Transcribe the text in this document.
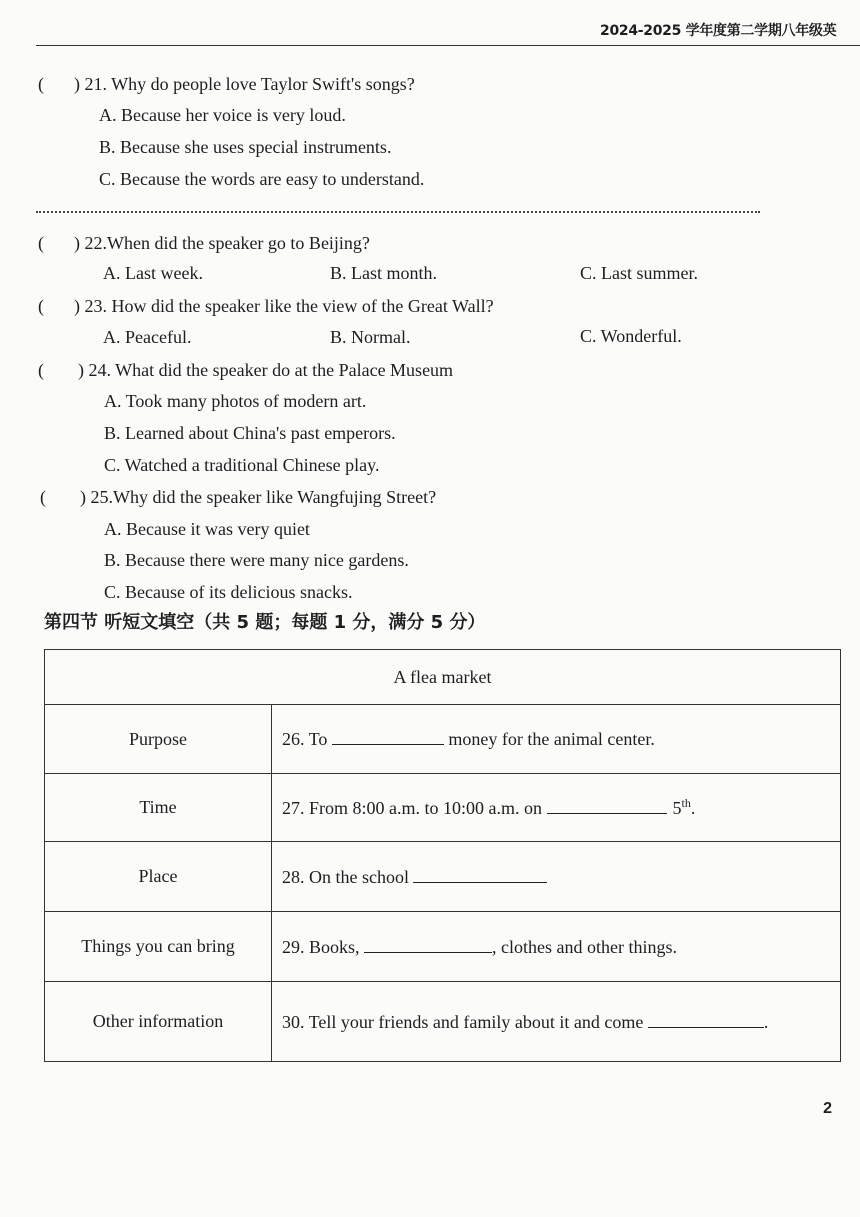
2024-2025 学年度第二学期八年级英
( ) 21. Why do people love Taylor Swift's songs?
A. Because her voice is very loud.
B. Because she uses special instruments.
C. Because the words are easy to understand.
( ) 22.When did the speaker go to Beijing?
A. Last week.	B. Last month.	C. Last summer.
( ) 23. How did the speaker like the view of the Great Wall?
A. Peaceful.	B. Normal.	C. Wonderful.
( ) 24. What did the speaker do at the Palace Museum
A. Took many photos of modern art.
B. Learned about China's past emperors.
C. Watched a traditional Chinese play.
( ) 25.Why did the speaker like Wangfujing Street?
A. Because it was very quiet
B. Because there were many nice gardens.
C. Because of its delicious snacks.
第四节 听短文填空（共 5 题；每题 1 分，满分 5 分）
A flea market	
Purpose	26. To money for the animal center.
Time	27. From 8:00 a.m. to 10:00 a.m. on 5th.
Place	28. On the school
Things you can bring	29. Books, , clothes and other things.
Other information	30. Tell your friends and family about it and come .
2
